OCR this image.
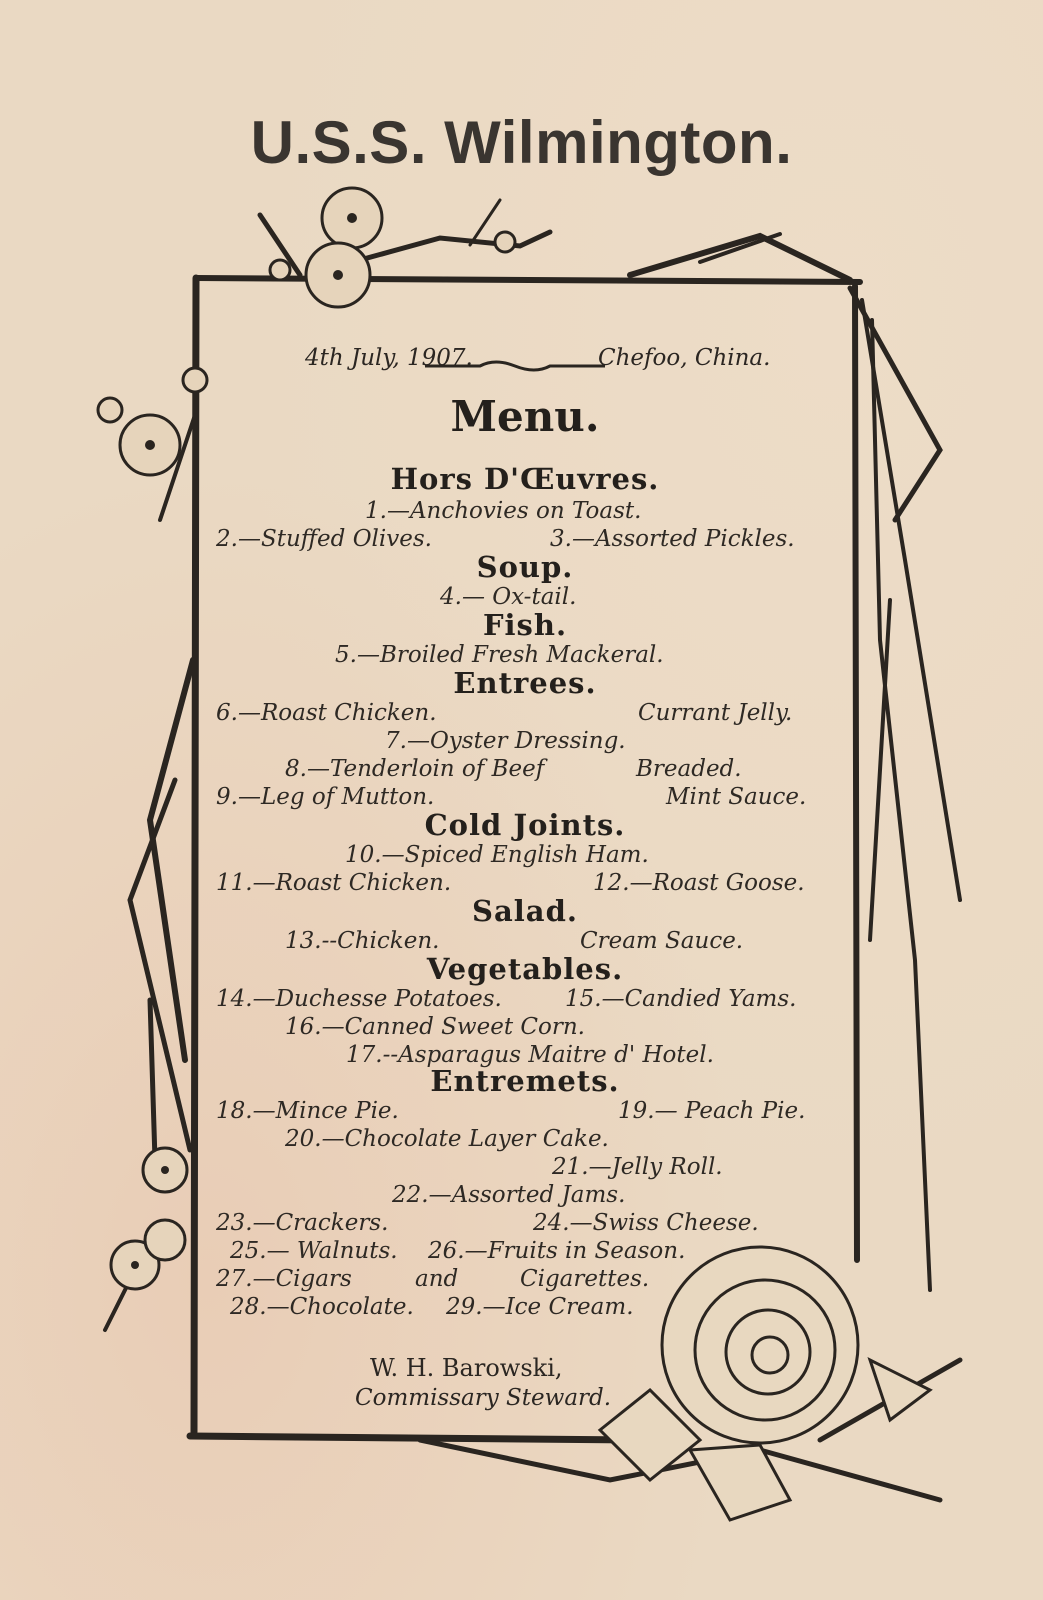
U.S.S. Wilmington.

4th July, 1907.	Chefoo, China.

Menu.

Hors D'Œuvres.

1.—Anchovies on Toast.

2.—Stuffed Olives.	3.—Assorted Pickles.

Soup.

4.— Ox-tail.

Fish.

5.—Broiled Fresh Mackeral.

Entrees.

6.—Roast Chicken.	Currant Jelly.

7.—Oyster Dressing.

8.—Tenderloin of Beef	Breaded.

9.—Leg of Mutton.	Mint Sauce.

Cold Joints.

10.—Spiced English Ham.

11.—Roast Chicken.	12.—Roast Goose.

Salad.

13.--Chicken.	Cream Sauce.

Vegetables.

14.—Duchesse Potatoes.	15.—Candied Yams.

16.—Canned Sweet Corn.

17.--Asparagus Maitre d' Hotel.

Entremets.

18.—Mince Pie.	19.— Peach Pie.

20.—Chocolate Layer Cake.

21.—Jelly Roll.

22.—Assorted Jams.

23.—Crackers.	24.—Swiss Cheese.

25.— Walnuts. 26.—Fruits in Season.

27.—Cigars	and	Cigarettes.

28.—Chocolate. 29.—Ice Cream.

W. H. Barowski,

Commissary Steward.
